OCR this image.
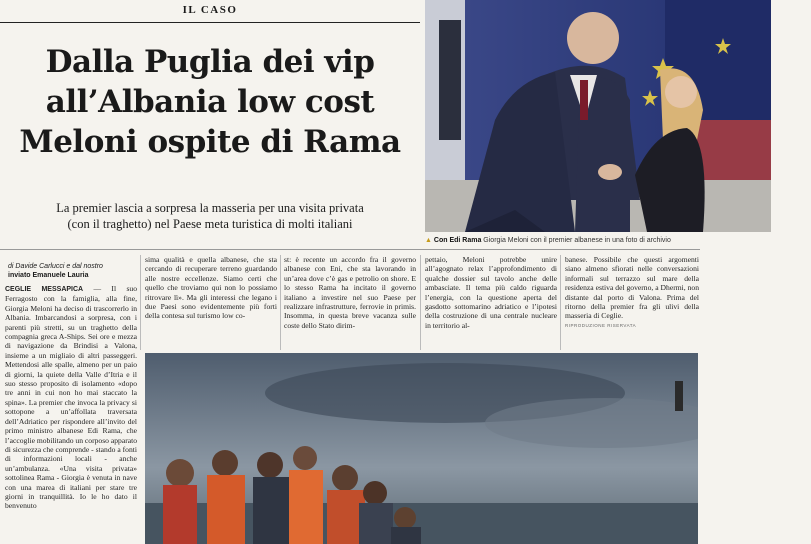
IL CASO
Dalla Puglia dei vip
all’Albania low cost
Meloni ospite di Rama
La premier lascia a sorpresa la masseria per una visita privata
(con il traghetto) nel Paese meta turistica di molti italiani
▲ Con Edi Rama Giorgia Meloni con il premier albanese in una foto di archivio
di Davide Carlucci e dal nostro
inviato Emanuele Lauria
CEGLIE MESSAPICA — Il suo Ferragosto con la famiglia, alla fine, Giorgia Meloni ha deciso di trascorrerlo in Albania. Imbarcandosi a sorpresa, con i parenti più stretti, su un traghetto della compagnia greca A-Ships. Sei ore e mezza di navigazione da Brindisi a Valona, insieme a un migliaio di altri passeggeri. Mettendosi alle spalle, almeno per un paio di giorni, la quiete della Valle d’Itria e il suo stesso proposito di isolamento «dopo tre anni in cui non ho mai staccato la spina». La premier che invoca la privacy si sottopone a un’affollata traversata dell’Adriatico per rispondere all’invito del primo ministro albanese Edi Rama, che l’accoglie mobilitando un corposo apparato di sicurezza che comprende - stando a fonti di informazioni locali - anche un’ambulanza. «Una visita privata» sottolinea Rama - Giorgia è venuta in nave con una marea di italiani per stare tre giorni in tranquillità. Io le ho dato il benvenuto
sima qualità e quella albanese, che sta cercando di recuperare terreno guardando alle nostre eccellenze. Siamo certi che quello che troviamo qui non lo possiamo ritrovare lì». Ma gli interessi che legano i due Paesi sono evidentemente più forti della contesa sul turismo low co-
st: è recente un accordo fra il governo albanese con Eni, che sta lavorando in un’area dove c’è gas e petrolio on shore. E lo stesso Rama ha incitato il governo italiano a investire nel suo Paese per realizzare infrastrutture, ferrovie in primis. Insomma, in questa breve vacanza sulle coste dello Stato dirim-
pettaio, Meloni potrebbe unire all’agognato relax l’approfondimento di qualche dossier sul tavolo anche delle ambasciate. Il tema più caldo riguarda l’energia, con la questione aperta del gasdotto sottomarino adriatico e l’ipotesi della costruzione di una centrale nucleare in territorio al-
banese. Possibile che questi argomenti siano almeno sfiorati nelle conversazioni informali sul terrazzo sul mare della residenza estiva del governo, a Dhermi, non distante dal porto di Valona. Prima del ritorno della premier fra gli ulivi della masseria di Ceglie.
RIPRODUZIONE RISERVATA
